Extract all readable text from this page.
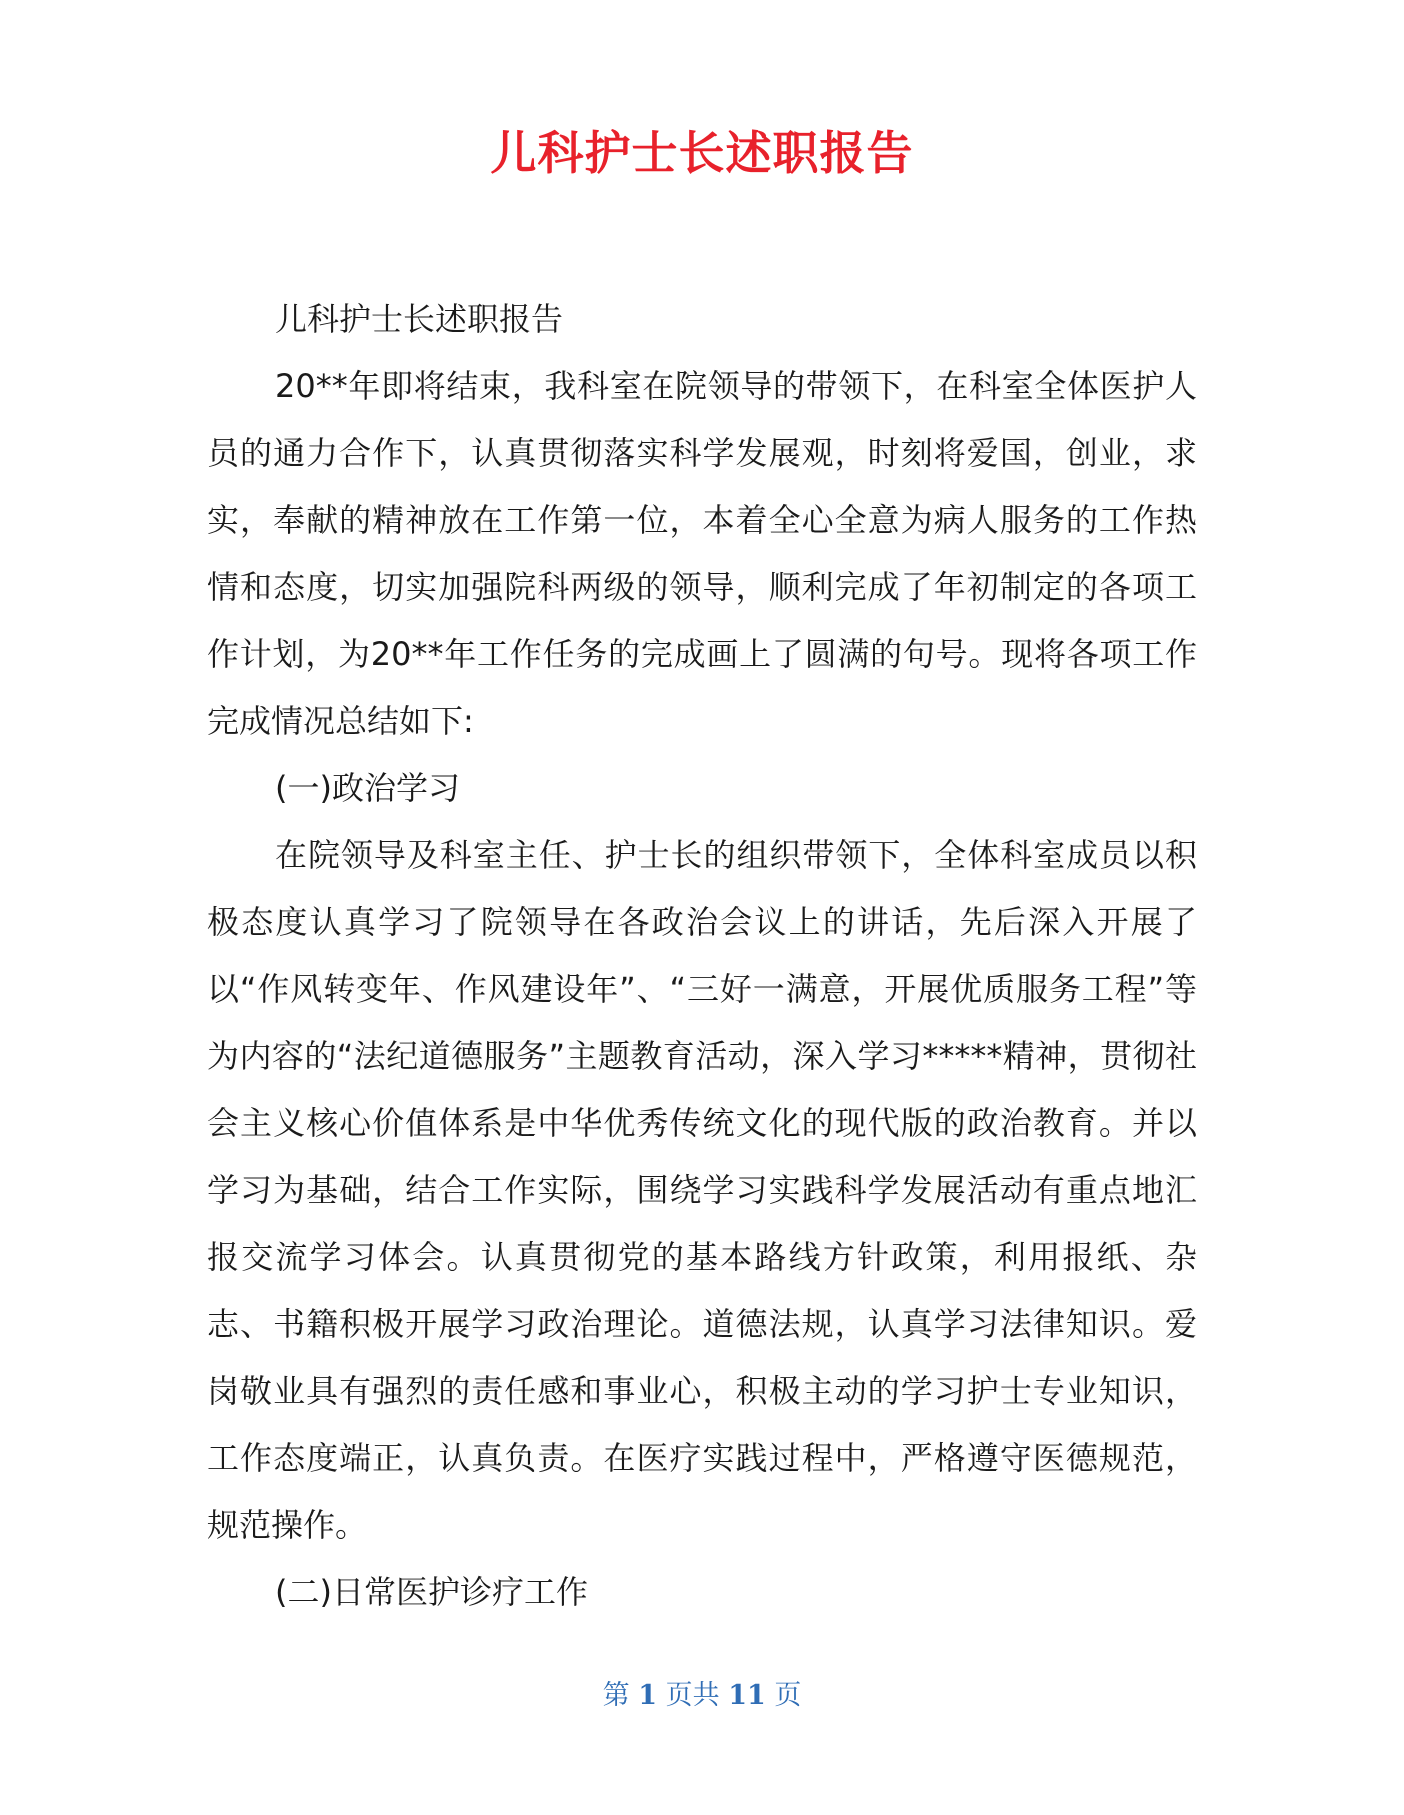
儿科护士长述职报告

儿科护士长述职报告

20**年即将结束，我科室在院领导的带领下，在科室全体医护人员的通力合作下，认真贯彻落实科学发展观，时刻将爱国，创业，求实，奉献的精神放在工作第一位，本着全心全意为病人服务的工作热情和态度，切实加强院科两级的领导，顺利完成了年初制定的各项工作计划，为20**年工作任务的完成画上了圆满的句号。现将各项工作完成情况总结如下:

(一)政治学习

在院领导及科室主任、护士长的组织带领下，全体科室成员以积极态度认真学习了院领导在各政治会议上的讲话，先后深入开展了以“作风转变年、作风建设年”、“三好一满意，开展优质服务工程”等为内容的“法纪道德服务”主题教育活动，深入学习*****精神，贯彻社会主义核心价值体系是中华优秀传统文化的现代版的政治教育。并以学习为基础，结合工作实际，围绕学习实践科学发展活动有重点地汇报交流学习体会。认真贯彻党的基本路线方针政策，利用报纸、杂志、书籍积极开展学习政治理论。道德法规，认真学习法律知识。爱岗敬业具有强烈的责任感和事业心，积极主动的学习护士专业知识，工作态度端正，认真负责。在医疗实践过程中，严格遵守医德规范，规范操作。

(二)日常医护诊疗工作

第 1 页共 11 页
